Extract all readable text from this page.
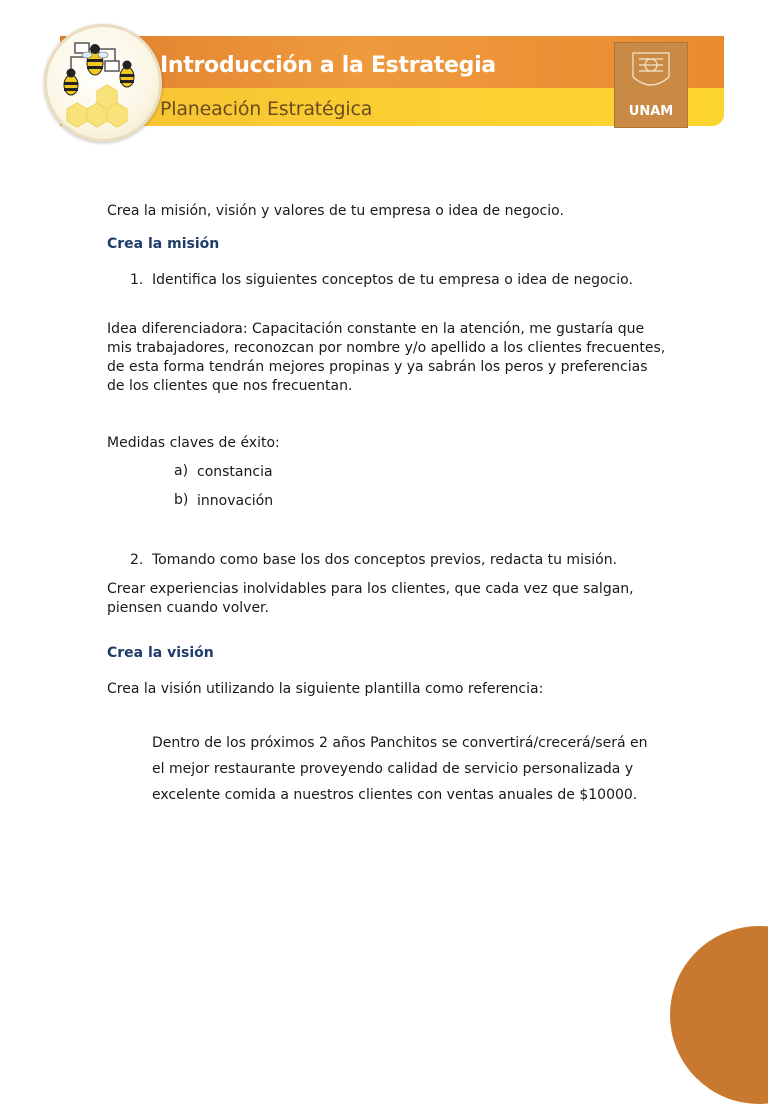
Introducción a la Estrategia
Planeación Estratégica	UNAM

Crea la misión, visión y valores de tu empresa o idea de negocio.

Crea la misión

1. Identifica los siguientes conceptos de tu empresa o idea de negocio.

Idea diferenciadora: Capacitación constante en la atención, me gustaría que

mis trabajadores, reconozcan por nombre y/o apellido a los clientes frecuentes,

de esta forma tendrán mejores propinas y ya sabrán los peros y preferencias

de los clientes que nos frecuentan.

Medidas claves de éxito:

a) constancia
b) innovación
2. Tomando como base los dos conceptos previos, redacta tu misión.

Crear experiencias inolvidables para los clientes, que cada vez que salgan,

piensen cuando volver.

Crea la visión

Crea la visión utilizando la siguiente plantilla como referencia:

Dentro de los próximos 2 años Panchitos se convertirá/crecerá/será en

el mejor restaurante proveyendo calidad de servicio personalizada y

excelente comida a nuestros clientes con ventas anuales de $10000.
